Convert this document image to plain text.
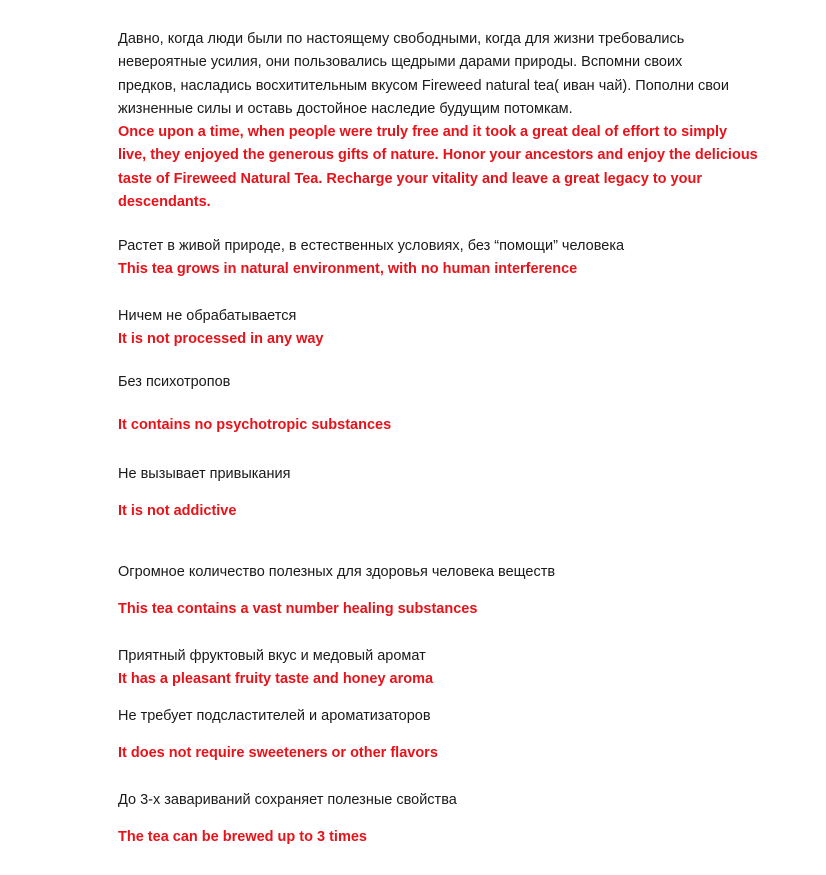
Давно, когда люди были по настоящему свободными, когда для жизни требовались
невероятные усилия, они пользовались щедрыми дарами природы. Вспомни своих
предков, насладись восхитительным вкусом Fireweed natural tea( иван чай). Пополни свои
жизненные силы и оставь достойное наследие будущим потомкам.
Once upon a time, when people were truly free and it took a great deal of effort to simply
live, they enjoyed the generous gifts of nature. Honor your ancestors and enjoy the delicious
taste of Fireweed Natural Tea. Recharge your vitality and leave a great legacy to your
descendants.

Растет в живой природе, в естественных условиях, без “помощи” человека

This tea grows in natural environment, with no human interference

Ничем не обрабатывается

It is not processed in any way

Без психотропов

It contains no psychotropic substances

Не вызывает привыкания

It is not addictive

Огромное количество полезных для здоровья человека веществ

This tea contains a vast number healing substances

Приятный фруктовый вкус и медовый аромат

It has a pleasant fruity taste and honey aroma

Не требует подсластителей и ароматизаторов

It does not require sweeteners or other flavors

До 3-х завариваний сохраняет полезные свойства

The tea can be brewed up to 3 times
